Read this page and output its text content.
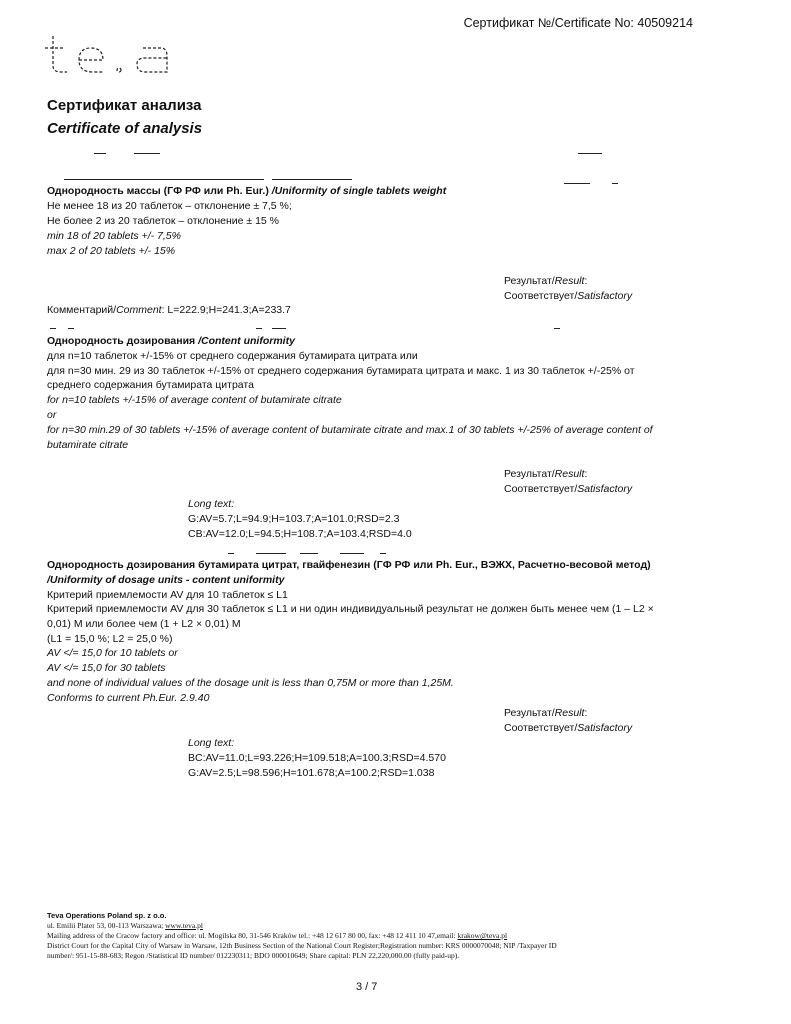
Сертификат №/Certificate No: 40509214
Сертификат анализа
Certificate of analysis
Однородность массы (ГФ РФ или Ph. Eur.) /Uniformity of single tablets weight
Не менее 18 из 20 таблеток – отклонение ± 7,5 %;
Не более 2 из 20 таблеток – отклонение ± 15 %
min 18 of 20 tablets +/- 7,5%
max 2 of 20 tablets +/- 15%
Результат/Result:
Соответствует/Satisfactory
Комментарий/Comment: L=222.9;H=241.3;A=233.7
Однородность дозирования /Content uniformity
для n=10 таблеток +/-15% от среднего содержания бутамирата цитрата или
для n=30 мин. 29 из 30 таблеток +/-15% от среднего содержания бутамирата цитрата и макс. 1 из 30 таблеток +/-25% от
среднего содержания бутамирата цитрата
for n=10 tablets +/-15% of average content of butamirate citrate
or
for n=30 min.29 of 30 tablets +/-15% of average content of butamirate citrate and max.1 of 30 tablets +/-25% of average content of
butamirate citrate
Результат/Result:
Соответствует/Satisfactory
Long text:
G:AV=5.7;L=94.9;H=103.7;A=101.0;RSD=2.3
CB:AV=12.0;L=94.5;H=108.7;A=103.4;RSD=4.0
Однородность дозирования бутамирата цитрат, гвайфенезин (ГФ РФ или Ph. Eur., ВЭЖХ, Расчетно-весовой метод)
/Uniformity of dosage units - content uniformity
Критерий приемлемости AV для 10 таблеток ≤ L1
Критерий приемлемости AV для 30 таблеток ≤ L1 и ни один индивидуальный результат не должен быть менее чем (1 – L2 ×
0,01) M или более чем (1 + L2 × 0,01) M
(L1 = 15,0 %; L2 = 25,0 %)
AV </= 15,0 for 10 tablets or
AV </= 15,0 for 30 tablets
and none of individual values of the dosage unit is less than 0,75M or more than 1,25M.
Conforms to current Ph.Eur. 2.9.40
Результат/Result:
Соответствует/Satisfactory
Long text:
BC:AV=11.0;L=93.226;H=109.518;A=100.3;RSD=4.570
G:AV=2.5;L=98.596;H=101.678;A=100.2;RSD=1.038
Teva Operations Poland sp. z o.o.
ul. Emilii Plater 53, 00-113 Warszawa; www.teva.pl
Mailing address of the Cracow factory and office: ul. Mogilska 80, 31-546 Kraków tel.: +48 12 617 80 00, fax: +48 12 411 10 47,email: krakow@teva.pl
District Court for the Capital City of Warsaw in Warsaw, 12th Business Section of the National Court Register;Registration number: KRS 0000070048; NIP /Taxpayer ID
number/: 951-15-88-683; Regon /Statistical ID number/ 012230311; BDO 000010649; Share capital: PLN 22,220,000.00 (fully paid-up).
3 / 7
